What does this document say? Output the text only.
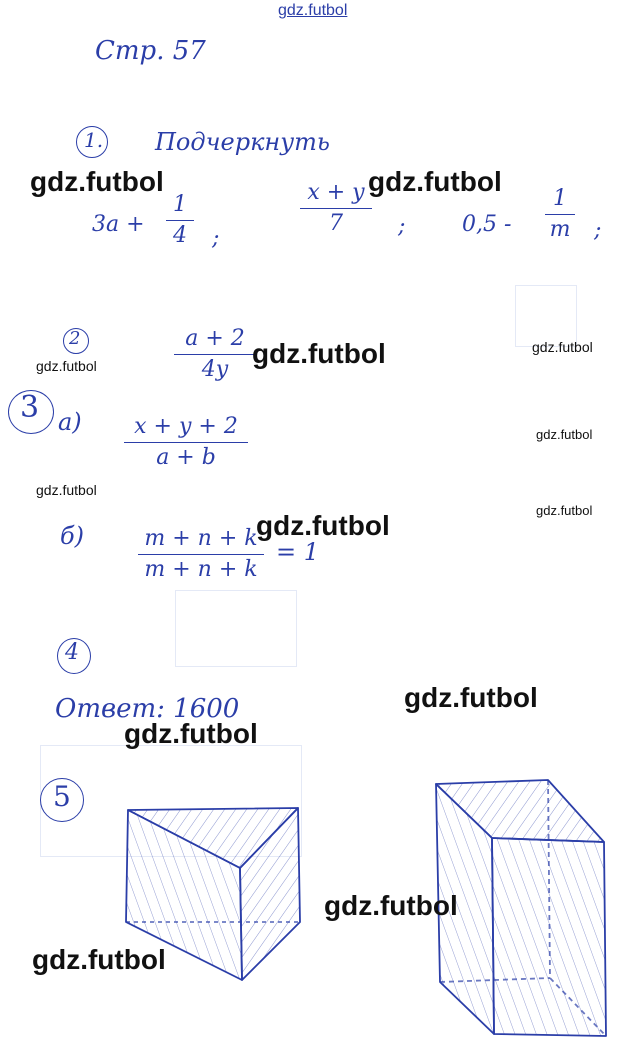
gdz.futbol
Стр. 57
1. Подчеркнуть
3a +
1
4	;
x + y
7	;	0,5 -
1
m ;
2	a + 2
4y
3 а)	x + y + 2
a + b
б)	m + n + k
m + n + k
= 1
4
Ответ: 1600
5
gdz.futbol	gdz.futbol
gdz.futbol	gdz.futbol	gdz.futbol
gdz.futbol
gdz.futbol
gdz.futbol
gdz.futbol
gdz.futbol
gdz.futbol
gdz.futbol
gdz.futbol
